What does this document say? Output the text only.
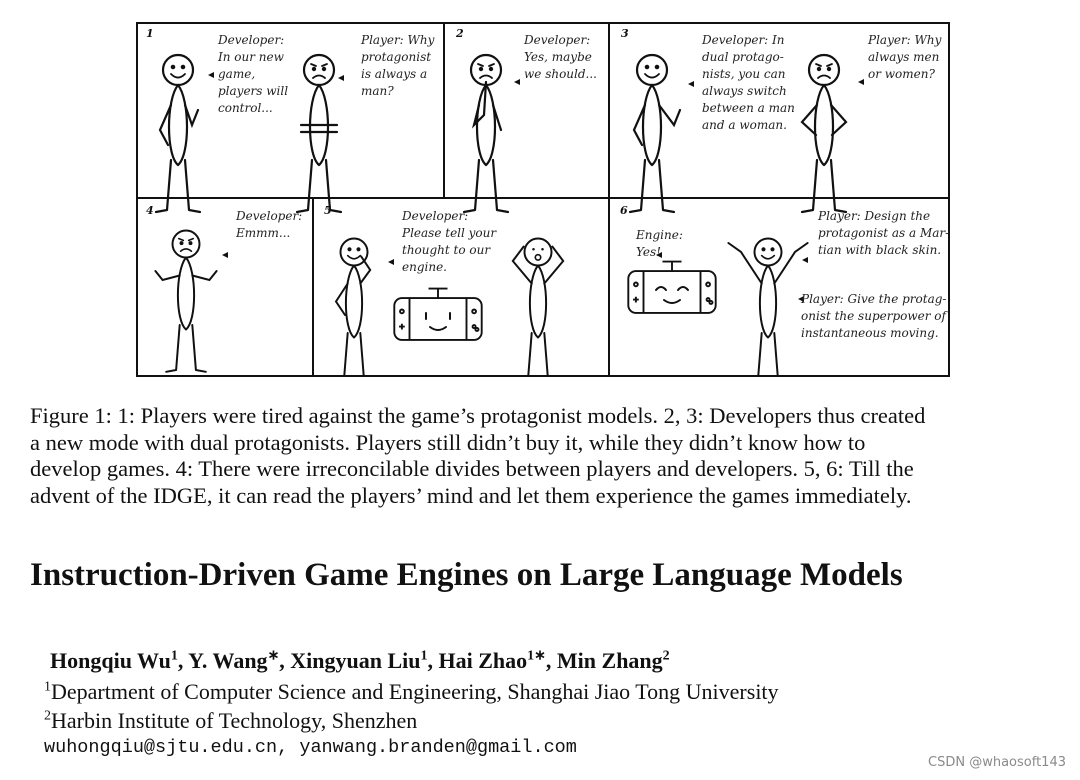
1	Developer: In our new game, players will control...
Player: Why protagonist is always a man?
2	Developer: Yes, maybe we should...
3	Developer: In dual protago- nists, you can always switch between a man and a woman.
Player: Why always men or women?
4	Developer: Emmm...
5	Developer: Please tell your thought to our engine.
6
Engine: Yes!
Player: Design the protagonist as a Mar- tian with black skin.
Player: Give the protag- onist the superpower of instantaneous moving.
Figure 1: 1: Players were tired against the game’s protagonist models. 2, 3: Developers thus created
a new mode with dual protagonists. Players still didn’t buy it, while they didn’t know how to
develop games. 4: There were irreconcilable divides between players and developers. 5, 6: Till the
advent of the IDGE, it can read the players’ mind and let them experience the games immediately.
Instruction-Driven Game Engines on Large Language Models
Hongqiu Wu$^1$, Y. Wang∗, Xingyuan Liu$^1$, Hai Zhao$^{1∗}$, Min Zhang$^2$
$^1$Department of Computer Science and Engineering, Shanghai Jiao Tong University
$^2$Harbin Institute of Technology, Shenzhen
wuhongqiu@sjtu.edu.cn, yanwang.branden@gmail.com
CSDN @whaosoft143
